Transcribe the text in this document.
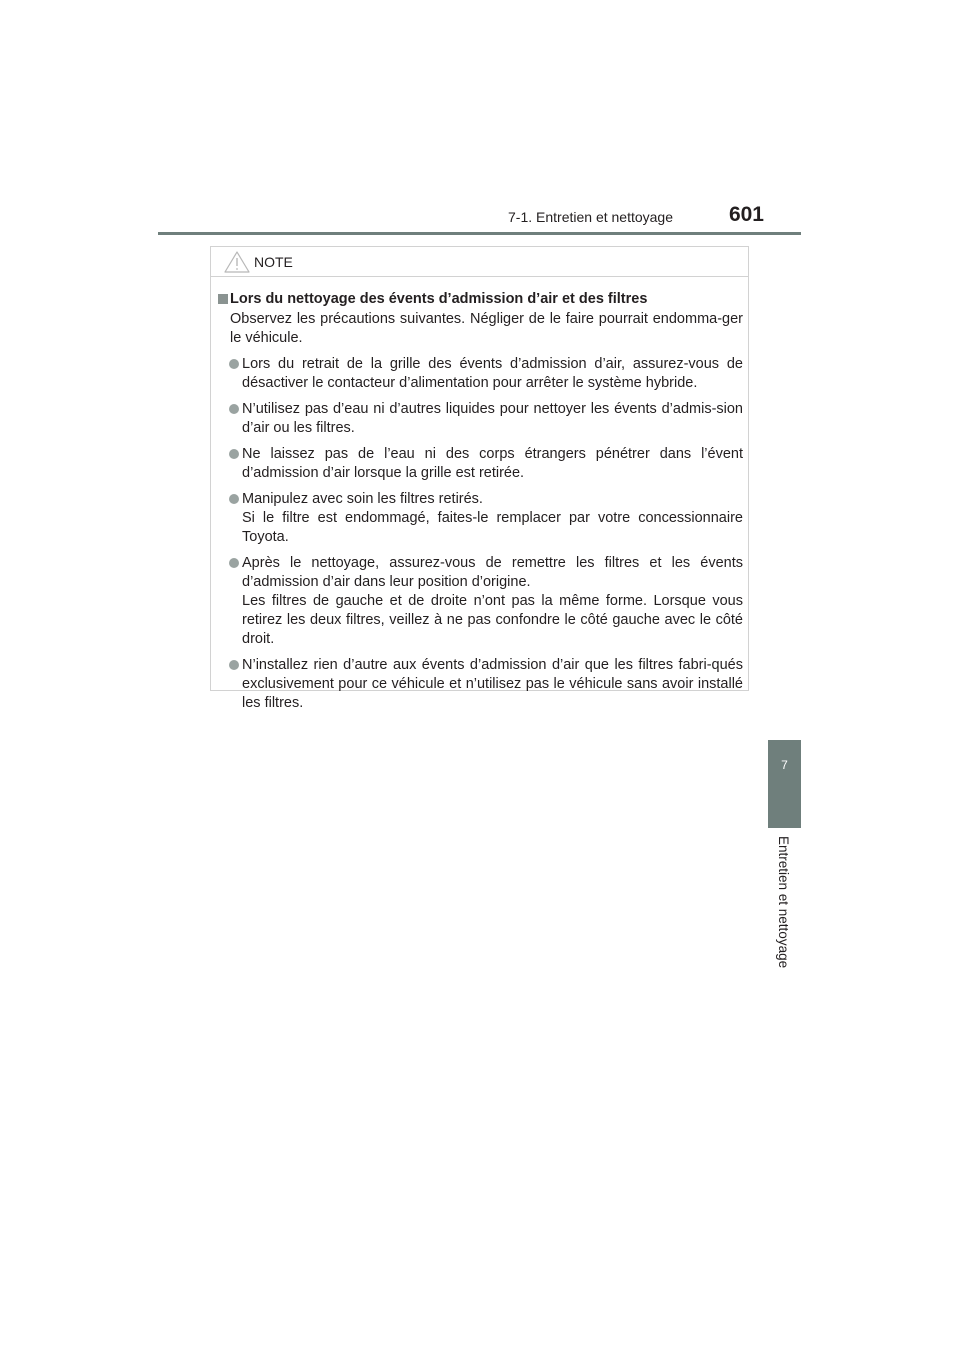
7-1. Entretien et nettoyage	601
7
Entretien et nettoyage
NOTE
Lors du nettoyage des évents d’admission d’air et des filtres
Observez les précautions suivantes. Négliger de le faire pourrait endomma-ger le véhicule.
Lors du retrait de la grille des évents d’admission d’air, assurez-vous de désactiver le contacteur d’alimentation pour arrêter le système hybride.
N’utilisez pas d’eau ni d’autres liquides pour nettoyer les évents d’admis-sion d’air ou les filtres.
Ne laissez pas de l’eau ni des corps étrangers pénétrer dans l’évent d’admission d’air lorsque la grille est retirée.
Manipulez avec soin les filtres retirés.
Si le filtre est endommagé, faites-le remplacer par votre concessionnaire Toyota.
Après le nettoyage, assurez-vous de remettre les filtres et les évents d’admission d’air dans leur position d’origine.
Les filtres de gauche et de droite n’ont pas la même forme. Lorsque vous retirez les deux filtres, veillez à ne pas confondre le côté gauche avec le côté droit.
N’installez rien d’autre aux évents d’admission d’air que les filtres fabri-qués exclusivement pour ce véhicule et n’utilisez pas le véhicule sans avoir installé les filtres.
